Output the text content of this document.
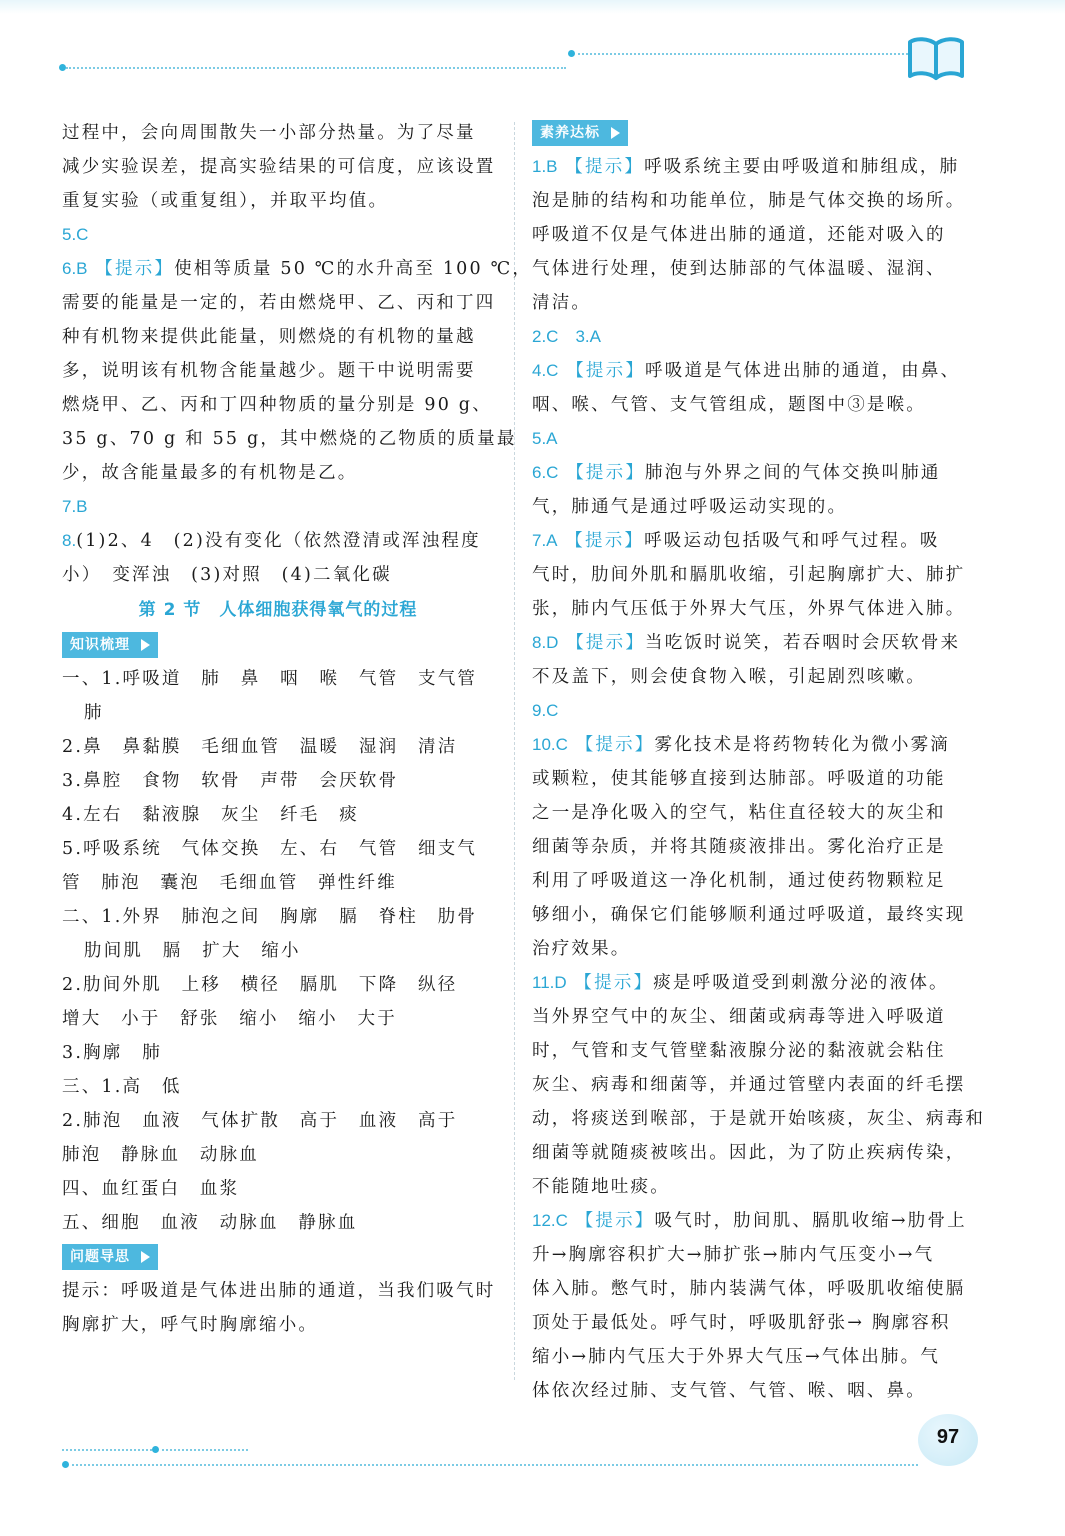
过程中，会向周围散失一小部分热量。为了尽量
减少实验误差，提高实验结果的可信度，应该设置
重复实验（或重复组），并取平均值。
5.C
6.B 【提示】使相等质量 50 ℃的水升高至 100 ℃，
需要的能量是一定的，若由燃烧甲、乙、丙和丁四
种有机物来提供此能量，则燃烧的有机物的量越
多，说明该有机物含能量越少。题干中说明需要
燃烧甲、乙、丙和丁四种物质的量分别是 90 g、
35 g、70 g 和 55 g，其中燃烧的乙物质的质量最
少，故含能量最多的有机物是乙。
7.B
8.(1)2、4　(2)没有变化（依然澄清或浑浊程度
小）　变浑浊　(3)对照　(4)二氧化碳
第 2 节 人体细胞获得氧气的过程
知识梳理
一、1.呼吸道　肺　鼻　咽　喉　气管　支气管
肺
2.鼻　鼻黏膜　毛细血管　温暖　湿润　清洁
3.鼻腔　食物　软骨　声带　会厌软骨
4.左右　黏液腺　灰尘　纤毛　痰
5.呼吸系统　气体交换　左、右　气管　细支气
管　肺泡　囊泡　毛细血管　弹性纤维
二、1.外界　肺泡之间　胸廓　膈　脊柱　肋骨
肋间肌　膈　扩大　缩小
2.肋间外肌　上移　横径　膈肌　下降　纵径
增大　小于　舒张　缩小　缩小　大于
3.胸廓　肺
三、1.高　低
2.肺泡　血液　气体扩散　高于　血液　高于
肺泡　静脉血　动脉血
四、血红蛋白　血浆
五、细胞　血液　动脉血　静脉血
问题导思
提示：呼吸道是气体进出肺的通道，当我们吸气时
胸廓扩大，呼气时胸廓缩小。
素养达标
1.B 【提示】呼吸系统主要由呼吸道和肺组成，肺
泡是肺的结构和功能单位，肺是气体交换的场所。
呼吸道不仅是气体进出肺的通道，还能对吸入的
气体进行处理，使到达肺部的气体温暖、湿润、
清洁。
2.C　3.A
4.C 【提示】呼吸道是气体进出肺的通道，由鼻、
咽、喉、气管、支气管组成，题图中③是喉。
5.A
6.C 【提示】肺泡与外界之间的气体交换叫肺通
气，肺通气是通过呼吸运动实现的。
7.A 【提示】呼吸运动包括吸气和呼气过程。吸
气时，肋间外肌和膈肌收缩，引起胸廓扩大、肺扩
张，肺内气压低于外界大气压，外界气体进入肺。
8.D 【提示】当吃饭时说笑，若吞咽时会厌软骨来
不及盖下，则会使食物入喉，引起剧烈咳嗽。
9.C
10.C 【提示】雾化技术是将药物转化为微小雾滴
或颗粒，使其能够直接到达肺部。呼吸道的功能
之一是净化吸入的空气，粘住直径较大的灰尘和
细菌等杂质，并将其随痰液排出。雾化治疗正是
利用了呼吸道这一净化机制，通过使药物颗粒足
够细小，确保它们能够顺利通过呼吸道，最终实现
治疗效果。
11.D 【提示】痰是呼吸道受到刺激分泌的液体。
当外界空气中的灰尘、细菌或病毒等进入呼吸道
时，气管和支气管壁黏液腺分泌的黏液就会粘住
灰尘、病毒和细菌等，并通过管壁内表面的纤毛摆
动，将痰送到喉部，于是就开始咳痰，灰尘、病毒和
细菌等就随痰被咳出。因此，为了防止疾病传染，
不能随地吐痰。
12.C 【提示】吸气时，肋间肌、膈肌收缩→肋骨上
升→胸廓容积扩大→肺扩张→肺内气压变小→气
体入肺。憋气时，肺内装满气体，呼吸肌收缩使膈
顶处于最低处。呼气时，呼吸肌舒张→ 胸廓容积
缩小→肺内气压大于外界大气压→气体出肺。气
体依次经过肺、支气管、气管、喉、咽、鼻。
97
